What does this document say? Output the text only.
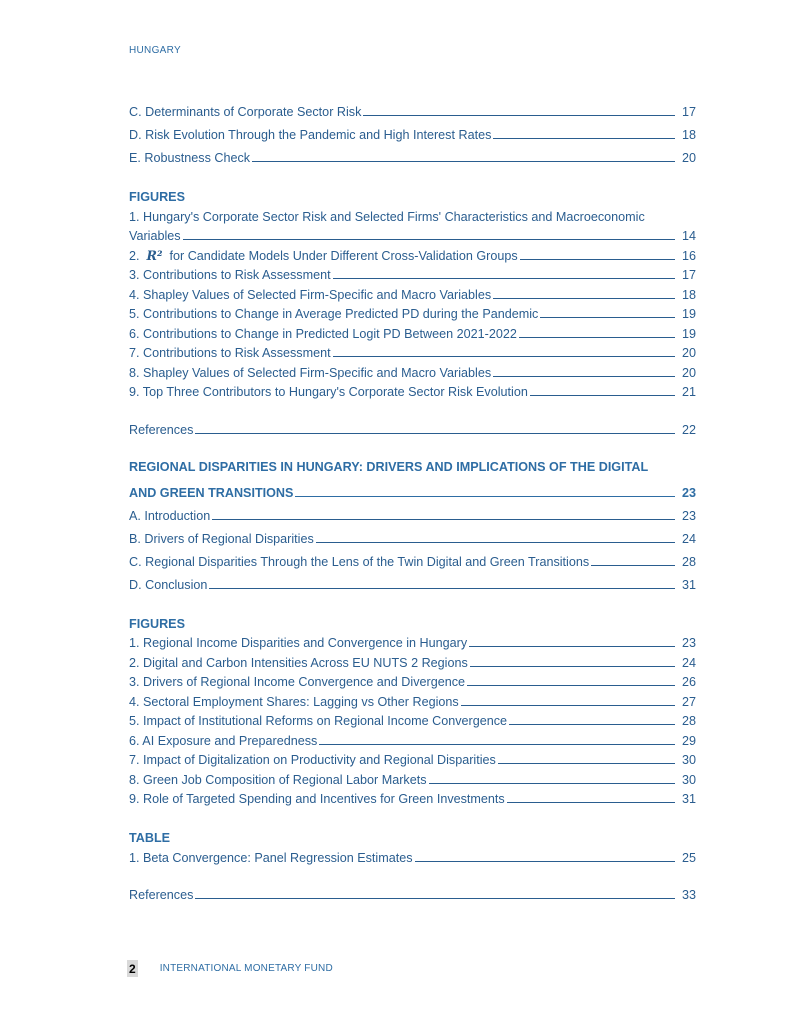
HUNGARY
C. Determinants of Corporate Sector Risk	17
D. Risk Evolution Through the Pandemic and High Interest Rates	18
E. Robustness Check	20
FIGURES
1. Hungary's Corporate Sector Risk and Selected Firms' Characteristics and Macroeconomic
Variables	14
2. R² for Candidate Models Under Different Cross-Validation Groups	16
3. Contributions to Risk Assessment	17
4. Shapley Values of Selected Firm-Specific and Macro Variables	18
5. Contributions to Change in Average Predicted PD during the Pandemic	19
6. Contributions to Change in Predicted Logit PD Between 2021-2022	19
7. Contributions to Risk Assessment	20
8. Shapley Values of Selected Firm-Specific and Macro Variables	20
9. Top Three Contributors to Hungary's Corporate Sector Risk Evolution	21
References	22
REGIONAL DISPARITIES IN HUNGARY: DRIVERS AND IMPLICATIONS OF THE DIGITAL
AND GREEN TRANSITIONS	23
A. Introduction	23
B. Drivers of Regional Disparities	24
C. Regional Disparities Through the Lens of the Twin Digital and Green Transitions	28
D. Conclusion	31
FIGURES
1. Regional Income Disparities and Convergence in Hungary	23
2. Digital and Carbon Intensities Across EU NUTS 2 Regions	24
3. Drivers of Regional Income Convergence and Divergence	26
4. Sectoral Employment Shares: Lagging vs Other Regions	27
5. Impact of Institutional Reforms on Regional Income Convergence	28
6. AI Exposure and Preparedness	29
7. Impact of Digitalization on Productivity and Regional Disparities	30
8. Green Job Composition of Regional Labor Markets	30
9. Role of Targeted Spending and Incentives for Green Investments	31
TABLE
1. Beta Convergence: Panel Regression Estimates	25
References	33
2 INTERNATIONAL MONETARY FUND
